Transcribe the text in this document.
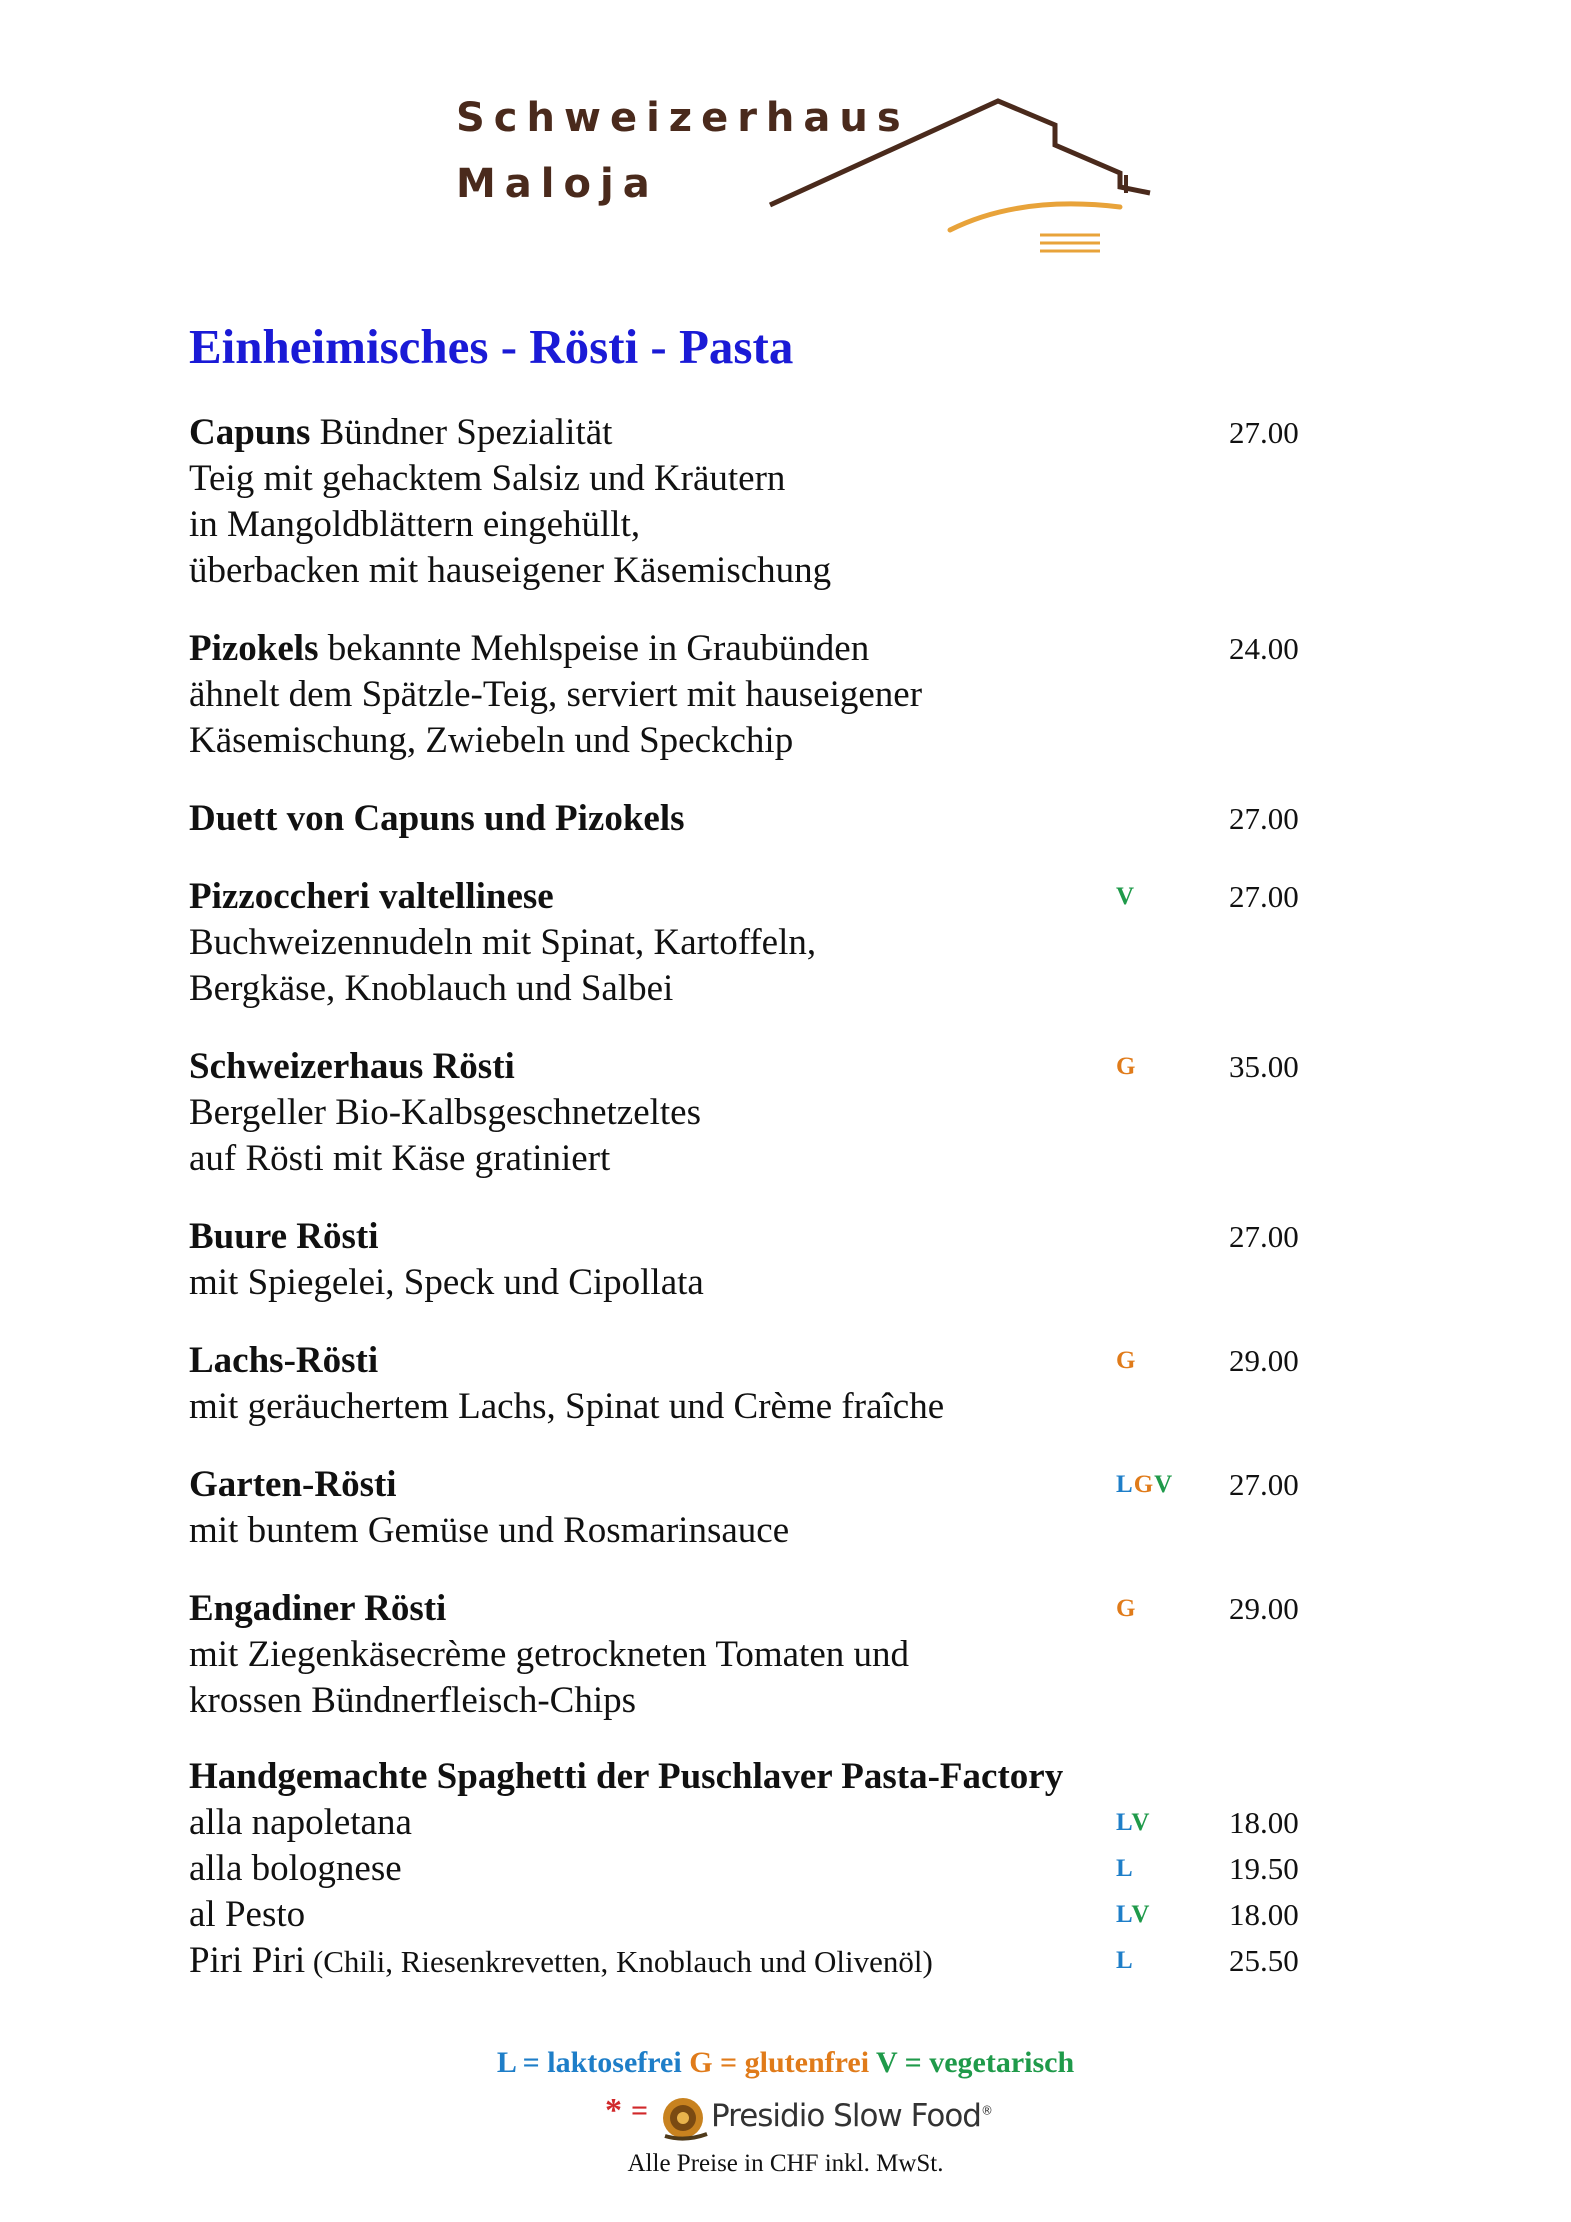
Schweizerhaus
Maloja
Einheimisches - Rösti - Pasta
Capuns Bündner Spezialität	27.00
Teig mit gehacktem Salsiz und Kräutern
in Mangoldblättern eingehüllt,
überbacken mit hauseigener Käsemischung
Pizokels bekannte Mehlspeise in Graubünden	24.00
ähnelt dem Spätzle-Teig, serviert mit hauseigener
Käsemischung, Zwiebeln und Speckchip
Duett von Capuns und Pizokels	27.00
Pizzoccheri valtellinese	V	27.00
Buchweizennudeln mit Spinat, Kartoffeln,
Bergkäse, Knoblauch und Salbei
Schweizerhaus Rösti	G	35.00
Bergeller Bio-Kalbsgeschnetzeltes
auf Rösti mit Käse gratiniert
Buure Rösti	27.00
mit Spiegelei, Speck und Cipollata
Lachs-Rösti	G	29.00
mit geräuchertem Lachs, Spinat und Crème fraîche
Garten-Rösti	LGV 27.00
mit buntem Gemüse und Rosmarinsauce
Engadiner Rösti	G	29.00
mit Ziegenkäsecrème getrockneten Tomaten und
krossen Bündnerfleisch-Chips
Handgemachte Spaghetti der Puschlaver Pasta-Factory
alla napoletana	LV	18.00
alla bolognese	L	19.50
al Pesto	LV	18.00
Piri Piri (Chili, Riesenkrevetten, Knoblauch und Olivenöl)	L	25.50
L = laktosefrei G = glutenfrei V = vegetarisch
* = Presidio Slow Food®
Alle Preise in CHF inkl. MwSt.
